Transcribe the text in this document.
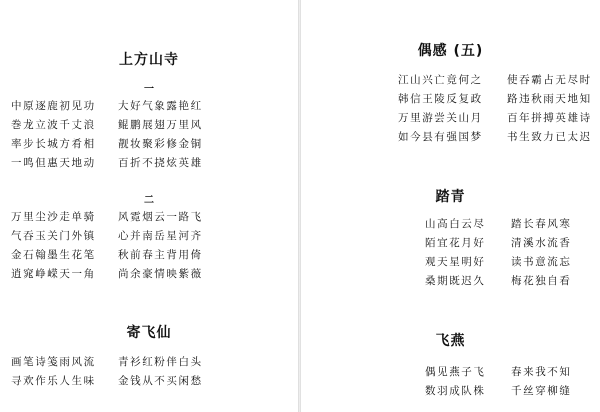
上方山寺
一
中原逐鹿初见功 大好气象露艳红
巻龙立波千丈浪 鲲鹏展翅万里风
率步长城方肴相 靓妆聚彩修金铜
一鸣但惠天地动 百折不挠炫英雄
二
万里尘沙走单骑 风霓烟云一路飞
气吞玉关门外镇 心并南岳星河齐
金石翰墨生花笔 秋前春主背用倚
逍窕峥嵘天一角 尚余豪情映紫薇
寄飞仙
画笔诗笺雨风流 青衫红粉伴白头
寻欢作乐人生味 金钱从不买闲愁
偶感 (五)
江山兴亡竟何之 使吞霸占无尽时
韩信王陵反复政 路违秋雨天地知
万里游尝关山月 百年拼搏英雄诗
如今县有强国梦 书生致力已太迟
踏青
山高白云尽 踏长春风寒
陌宜花月好 清溪水流香
观天星明好 读书意流忘
桑期既迟久 梅花独自看
飞燕
偶见燕子飞 春来我不知
数羽成队株 千丝穿柳缝
